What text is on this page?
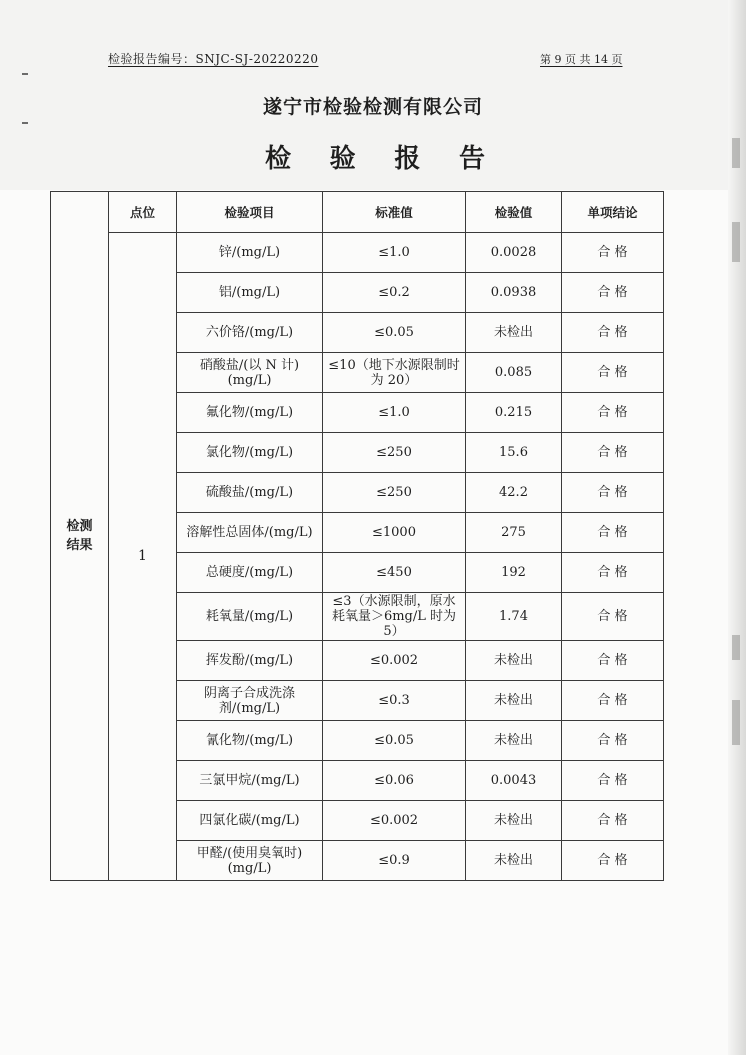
检验报告编号：SNJC-SJ-20220220	第 9 页 共 14 页
遂宁市检验检测有限公司
检 验 报 告
检测
结果	点位	检验项目	标准值	检验值	单项结论
	1	锌/(mg/L)	≤1.0	0.0028	合 格
		铝/(mg/L)	≤0.2	0.0938	合 格
		六价铬/(mg/L)	≤0.05	未检出	合 格
		硝酸盐/(以 N 计)(mg/L)	≤10（地下水源限制时为 20）	0.085	合 格
		氟化物/(mg/L)	≤1.0	0.215	合 格
		氯化物/(mg/L)	≤250	15.6	合 格
		硫酸盐/(mg/L)	≤250	42.2	合 格
		溶解性总固体/(mg/L)	≤1000	275	合 格
		总硬度/(mg/L)	≤450	192	合 格
		耗氧量/(mg/L)	≤3（水源限制，原水耗氧量＞6mg/L 时为 5）	1.74	合 格
		挥发酚/(mg/L)	≤0.002	未检出	合 格
		阴离子合成洗涤剂/(mg/L)	≤0.3	未检出	合 格
		氰化物/(mg/L)	≤0.05	未检出	合 格
		三氯甲烷/(mg/L)	≤0.06	0.0043	合 格
		四氯化碳/(mg/L)	≤0.002	未检出	合 格
		甲醛/(使用臭氧时)(mg/L)	≤0.9	未检出	合 格
